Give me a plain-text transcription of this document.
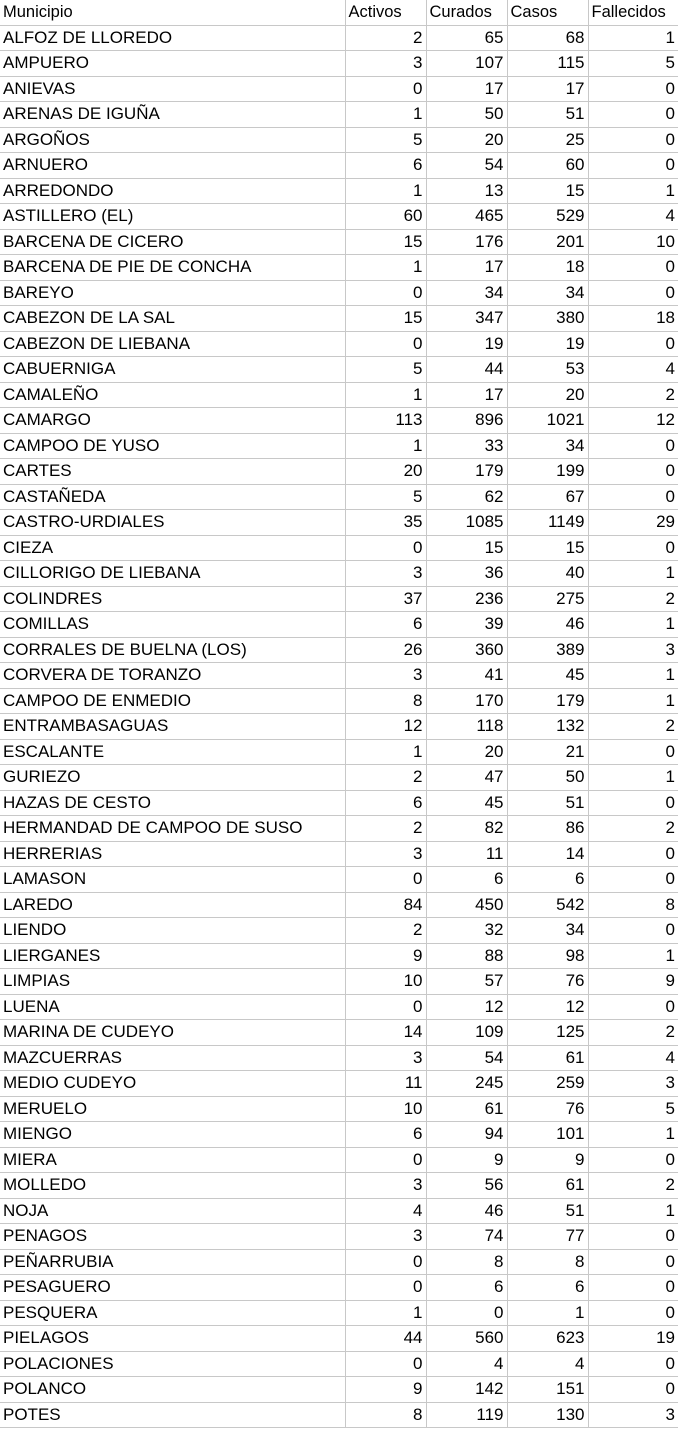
Municipio	Activos	Curados	Casos	Fallecidos
ALFOZ DE LLOREDO	2	65	68	1
AMPUERO	3	107	115	5
ANIEVAS	0	17	17	0
ARENAS DE IGUÑA	1	50	51	0
ARGOÑOS	5	20	25	0
ARNUERO	6	54	60	0
ARREDONDO	1	13	15	1
ASTILLERO (EL)	60	465	529	4
BARCENA DE CICERO	15	176	201	10
BARCENA DE PIE DE CONCHA	1	17	18	0
BAREYO	0	34	34	0
CABEZON DE LA SAL	15	347	380	18
CABEZON DE LIEBANA	0	19	19	0
CABUERNIGA	5	44	53	4
CAMALEÑO	1	17	20	2
CAMARGO	113	896	1021	12
CAMPOO DE YUSO	1	33	34	0
CARTES	20	179	199	0
CASTAÑEDA	5	62	67	0
CASTRO-URDIALES	35	1085	1149	29
CIEZA	0	15	15	0
CILLORIGO DE LIEBANA	3	36	40	1
COLINDRES	37	236	275	2
COMILLAS	6	39	46	1
CORRALES DE BUELNA (LOS)	26	360	389	3
CORVERA DE TORANZO	3	41	45	1
CAMPOO DE ENMEDIO	8	170	179	1
ENTRAMBASAGUAS	12	118	132	2
ESCALANTE	1	20	21	0
GURIEZO	2	47	50	1
HAZAS DE CESTO	6	45	51	0
HERMANDAD DE CAMPOO DE SUSO	2	82	86	2
HERRERIAS	3	11	14	0
LAMASON	0	6	6	0
LAREDO	84	450	542	8
LIENDO	2	32	34	0
LIERGANES	9	88	98	1
LIMPIAS	10	57	76	9
LUENA	0	12	12	0
MARINA DE CUDEYO	14	109	125	2
MAZCUERRAS	3	54	61	4
MEDIO CUDEYO	11	245	259	3
MERUELO	10	61	76	5
MIENGO	6	94	101	1
MIERA	0	9	9	0
MOLLEDO	3	56	61	2
NOJA	4	46	51	1
PENAGOS	3	74	77	0
PEÑARRUBIA	0	8	8	0
PESAGUERO	0	6	6	0
PESQUERA	1	0	1	0
PIELAGOS	44	560	623	19
POLACIONES	0	4	4	0
POLANCO	9	142	151	0
POTES	8	119	130	3
